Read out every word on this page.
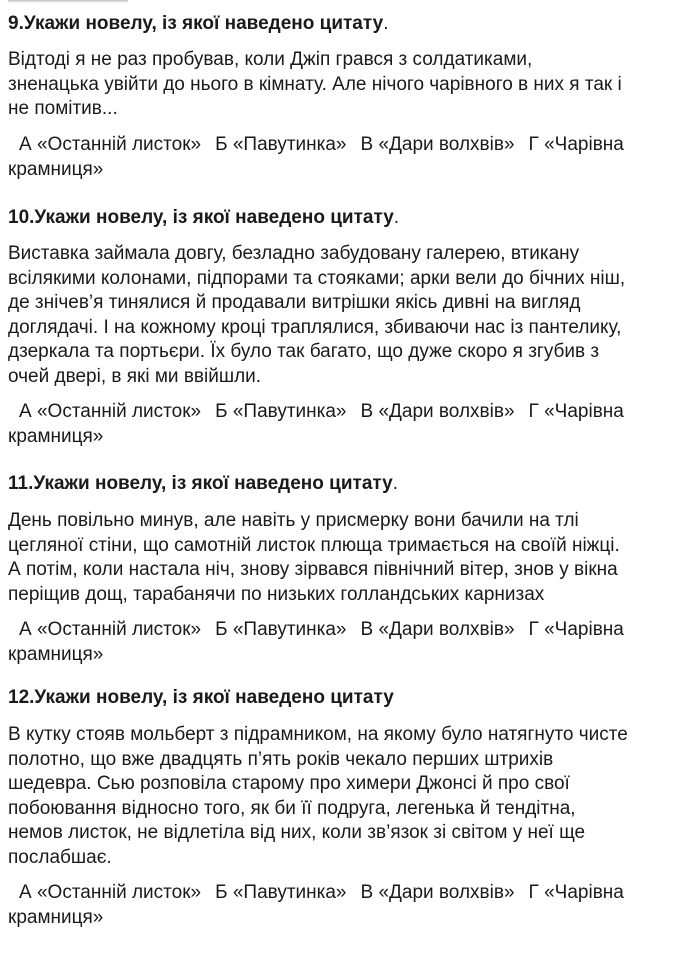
9.Укажи новелу, із якої наведено цитату.
Відтоді я не раз пробував, коли Джіп грався з солдатиками,
зненацька увійти до нього в кімнату. Але нічого чарівного в них я так і
не помітив...
А «Останній листок» Б «Павутинка» В «Дари волхвів» Г «Чарівна
крамниця»
10.Укажи новелу, із якої наведено цитату.
Виставка займала довгу, безладно забудовану галерею, втикану
всілякими колонами, підпорами та стояками; арки вели до бічних ніш,
де знічев’я тинялися й продавали витрішки якісь дивні на вигляд
доглядачі. І на кожному кроці траплялися, збиваючи нас із пантелику,
дзеркала та портьєри. Їх було так багато, що дуже скоро я згубив з
очей двері, в які ми ввійшли.
А «Останній листок» Б «Павутинка» В «Дари волхвів» Г «Чарівна
крамниця»
11.Укажи новелу, із якої наведено цитату.
День повільно минув, але навіть у присмерку вони бачили на тлі
цегляної стіни, що самотній листок плюща тримається на своїй ніжці.
А потім, коли настала ніч, знову зірвався північний вітер, знов у вікна
періщив дощ, тарабанячи по низьких голландських карнизах
А «Останній листок» Б «Павутинка» В «Дари волхвів» Г «Чарівна
крамниця»
12.Укажи новелу, із якої наведено цитату
В кутку стояв мольберт з підрамником, на якому було натягнуто чисте
полотно, що вже двадцять п’ять років чекало перших штрихів
шедевра. Сью розповіла старому про химери Джонсі й про свої
побоювання відносно того, як би її подруга, легенька й тендітна,
немов листок, не відлетіла від них, коли зв’язок зі світом у неї ще
послабшає.
А «Останній листок» Б «Павутинка» В «Дари волхвів» Г «Чарівна
крамниця»
